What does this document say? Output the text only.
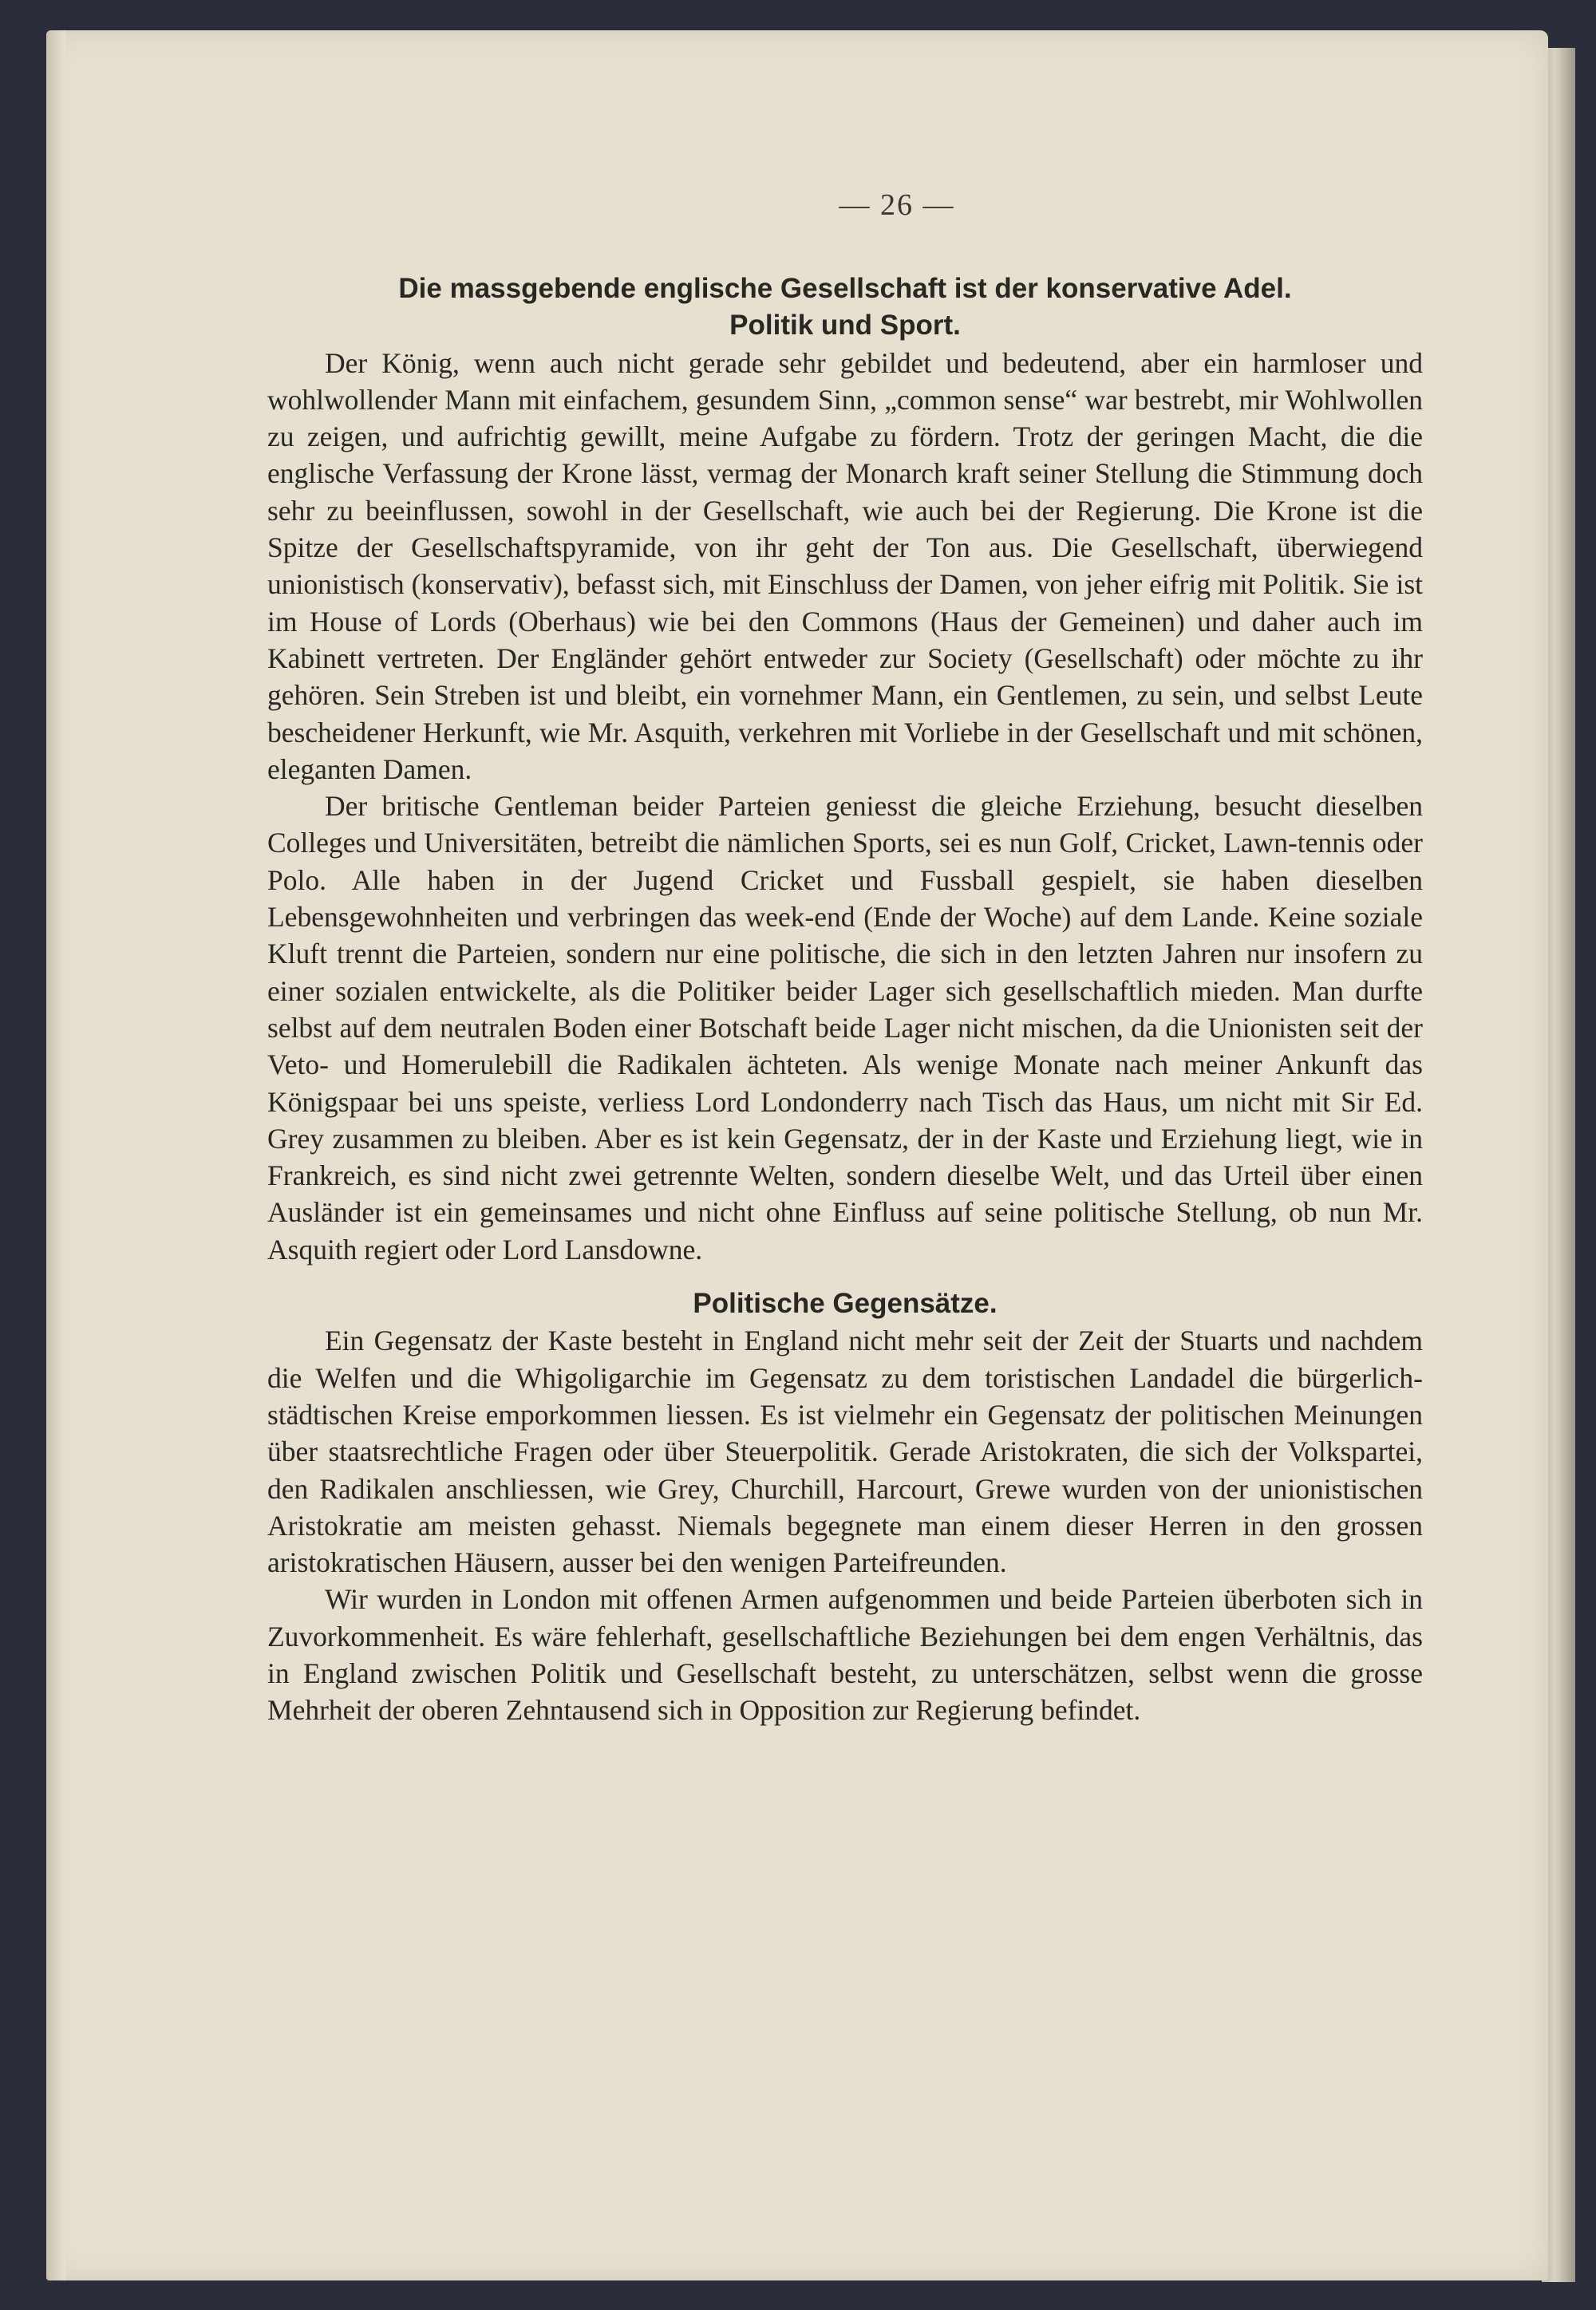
— 26 —
Die massgebende englische Gesellschaft ist der konservative Adel.
Politik und Sport.

Der König, wenn auch nicht gerade sehr gebildet und bedeutend, aber ein harmloser und wohlwollender Mann mit einfachem, gesundem Sinn, „common sense“ war bestrebt, mir Wohlwollen zu zeigen, und aufrichtig gewillt, meine Aufgabe zu fördern. Trotz der geringen Macht, die die englische Verfassung der Krone lässt, vermag der Monarch kraft seiner Stellung die Stimmung doch sehr zu beeinflussen, sowohl in der Gesellschaft, wie auch bei der Regierung. Die Krone ist die Spitze der Gesellschaftspyramide, von ihr geht der Ton aus. Die Gesellschaft, überwiegend unionistisch (konservativ), befasst sich, mit Einschluss der Damen, von jeher eifrig mit Politik. Sie ist im House of Lords (Oberhaus) wie bei den Commons (Haus der Gemeinen) und daher auch im Kabinett vertreten. Der Engländer gehört entweder zur Society (Gesellschaft) oder möchte zu ihr gehören. Sein Streben ist und bleibt, ein vornehmer Mann, ein Gentlemen, zu sein, und selbst Leute bescheidener Herkunft, wie Mr. Asquith, verkehren mit Vorliebe in der Gesellschaft und mit schönen, eleganten Damen.

Der britische Gentleman beider Parteien geniesst die gleiche Erziehung, besucht dieselben Colleges und Universitäten, betreibt die nämlichen Sports, sei es nun Golf, Cricket, Lawn-tennis oder Polo. Alle haben in der Jugend Cricket und Fussball gespielt, sie haben dieselben Lebensgewohnheiten und verbringen das week-end (Ende der Woche) auf dem Lande. Keine soziale Kluft trennt die Parteien, sondern nur eine politische, die sich in den letzten Jahren nur insofern zu einer sozialen entwickelte, als die Politiker beider Lager sich gesellschaftlich mieden. Man durfte selbst auf dem neutralen Boden einer Botschaft beide Lager nicht mischen, da die Unionisten seit der Veto- und Homerulebill die Radikalen ächteten. Als wenige Monate nach meiner Ankunft das Königspaar bei uns speiste, verliess Lord Londonderry nach Tisch das Haus, um nicht mit Sir Ed. Grey zusammen zu bleiben. Aber es ist kein Gegensatz, der in der Kaste und Erziehung liegt, wie in Frankreich, es sind nicht zwei getrennte Welten, sondern dieselbe Welt, und das Urteil über einen Ausländer ist ein gemeinsames und nicht ohne Einfluss auf seine politische Stellung, ob nun Mr. Asquith regiert oder Lord Lansdowne.

Politische Gegensätze.

Ein Gegensatz der Kaste besteht in England nicht mehr seit der Zeit der Stuarts und nachdem die Welfen und die Whigoligarchie im Gegensatz zu dem toristischen Landadel die bürgerlich-städtischen Kreise emporkommen liessen. Es ist vielmehr ein Gegensatz der politischen Meinungen über staatsrechtliche Fragen oder über Steuerpolitik. Gerade Aristokraten, die sich der Volkspartei, den Radikalen anschliessen, wie Grey, Churchill, Harcourt, Grewe wurden von der unionistischen Aristokratie am meisten gehasst. Niemals begegnete man einem dieser Herren in den grossen aristokratischen Häusern, ausser bei den wenigen Parteifreunden.

Wir wurden in London mit offenen Armen aufgenommen und beide Parteien überboten sich in Zuvorkommenheit. Es wäre fehlerhaft, gesellschaftliche Beziehungen bei dem engen Verhältnis, das in England zwischen Politik und Gesellschaft besteht, zu unterschätzen, selbst wenn die grosse Mehrheit der oberen Zehntausend sich in Opposition zur Regierung befindet.
